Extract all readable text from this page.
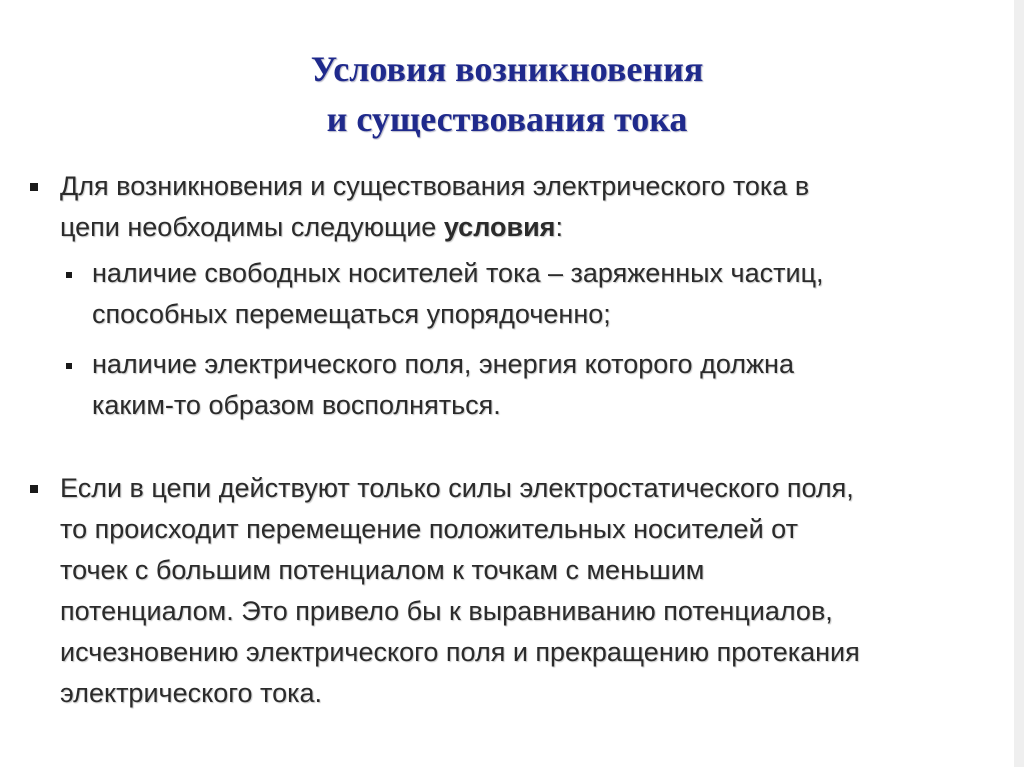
Условия возникновения
и существования тока
Для возникновения и существования электрического тока в
цепи необходимы следующие условия:
наличие свободных носителей тока – заряженных частиц,
способных перемещаться упорядоченно;
наличие электрического поля, энергия которого должна
каким-то образом восполняться.
Если в цепи действуют только силы электростатического поля,
то происходит перемещение положительных носителей от
точек с большим потенциалом к точкам с меньшим
потенциалом. Это привело бы к выравниванию потенциалов,
исчезновению электрического поля и прекращению протекания
электрического тока.
